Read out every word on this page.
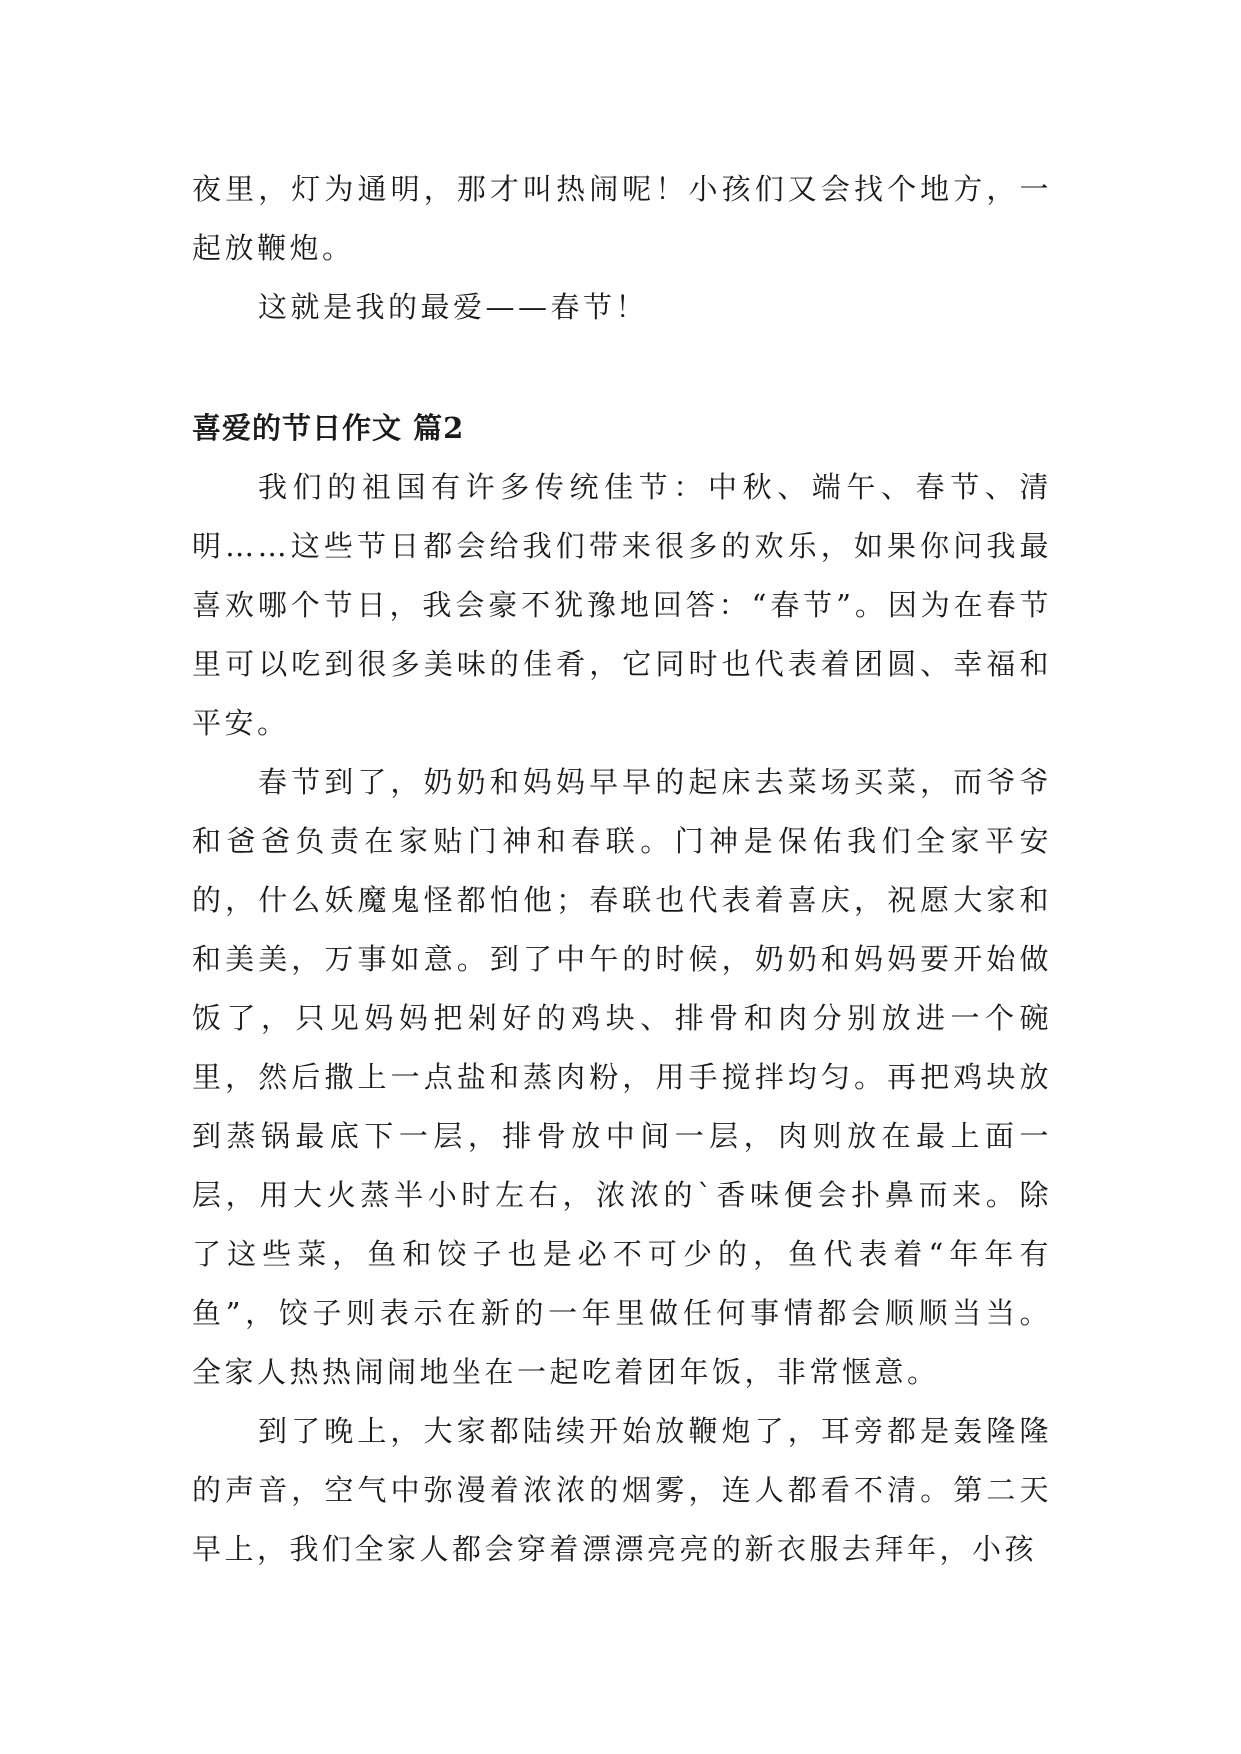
夜里，灯为通明，那才叫热闹呢！小孩们又会找个地方，一起放鞭炮。

这就是我的最爱——春节！

喜爱的节日作文 篇2

我们的祖国有许多传统佳节：中秋、端午、春节、清明……这些节日都会给我们带来很多的欢乐，如果你问我最喜欢哪个节日，我会豪不犹豫地回答：“春节”。因为在春节里可以吃到很多美味的佳肴，它同时也代表着团圆、幸福和平安。

春节到了，奶奶和妈妈早早的起床去菜场买菜，而爷爷和爸爸负责在家贴门神和春联。门神是保佑我们全家平安的，什么妖魔鬼怪都怕他；春联也代表着喜庆，祝愿大家和和美美，万事如意。到了中午的时候，奶奶和妈妈要开始做饭了，只见妈妈把剁好的鸡块、排骨和肉分别放进一个碗里，然后撒上一点盐和蒸肉粉，用手搅拌均匀。再把鸡块放到蒸锅最底下一层，排骨放中间一层，肉则放在最上面一层，用大火蒸半小时左右，浓浓的`香味便会扑鼻而来。除了这些菜，鱼和饺子也是必不可少的，鱼代表着“年年有鱼”，饺子则表示在新的一年里做任何事情都会顺顺当当。全家人热热闹闹地坐在一起吃着团年饭，非常惬意。

到了晚上，大家都陆续开始放鞭炮了，耳旁都是轰隆隆的声音，空气中弥漫着浓浓的烟雾，连人都看不清。第二天早上，我们全家人都会穿着漂漂亮亮的新衣服去拜年，小孩
